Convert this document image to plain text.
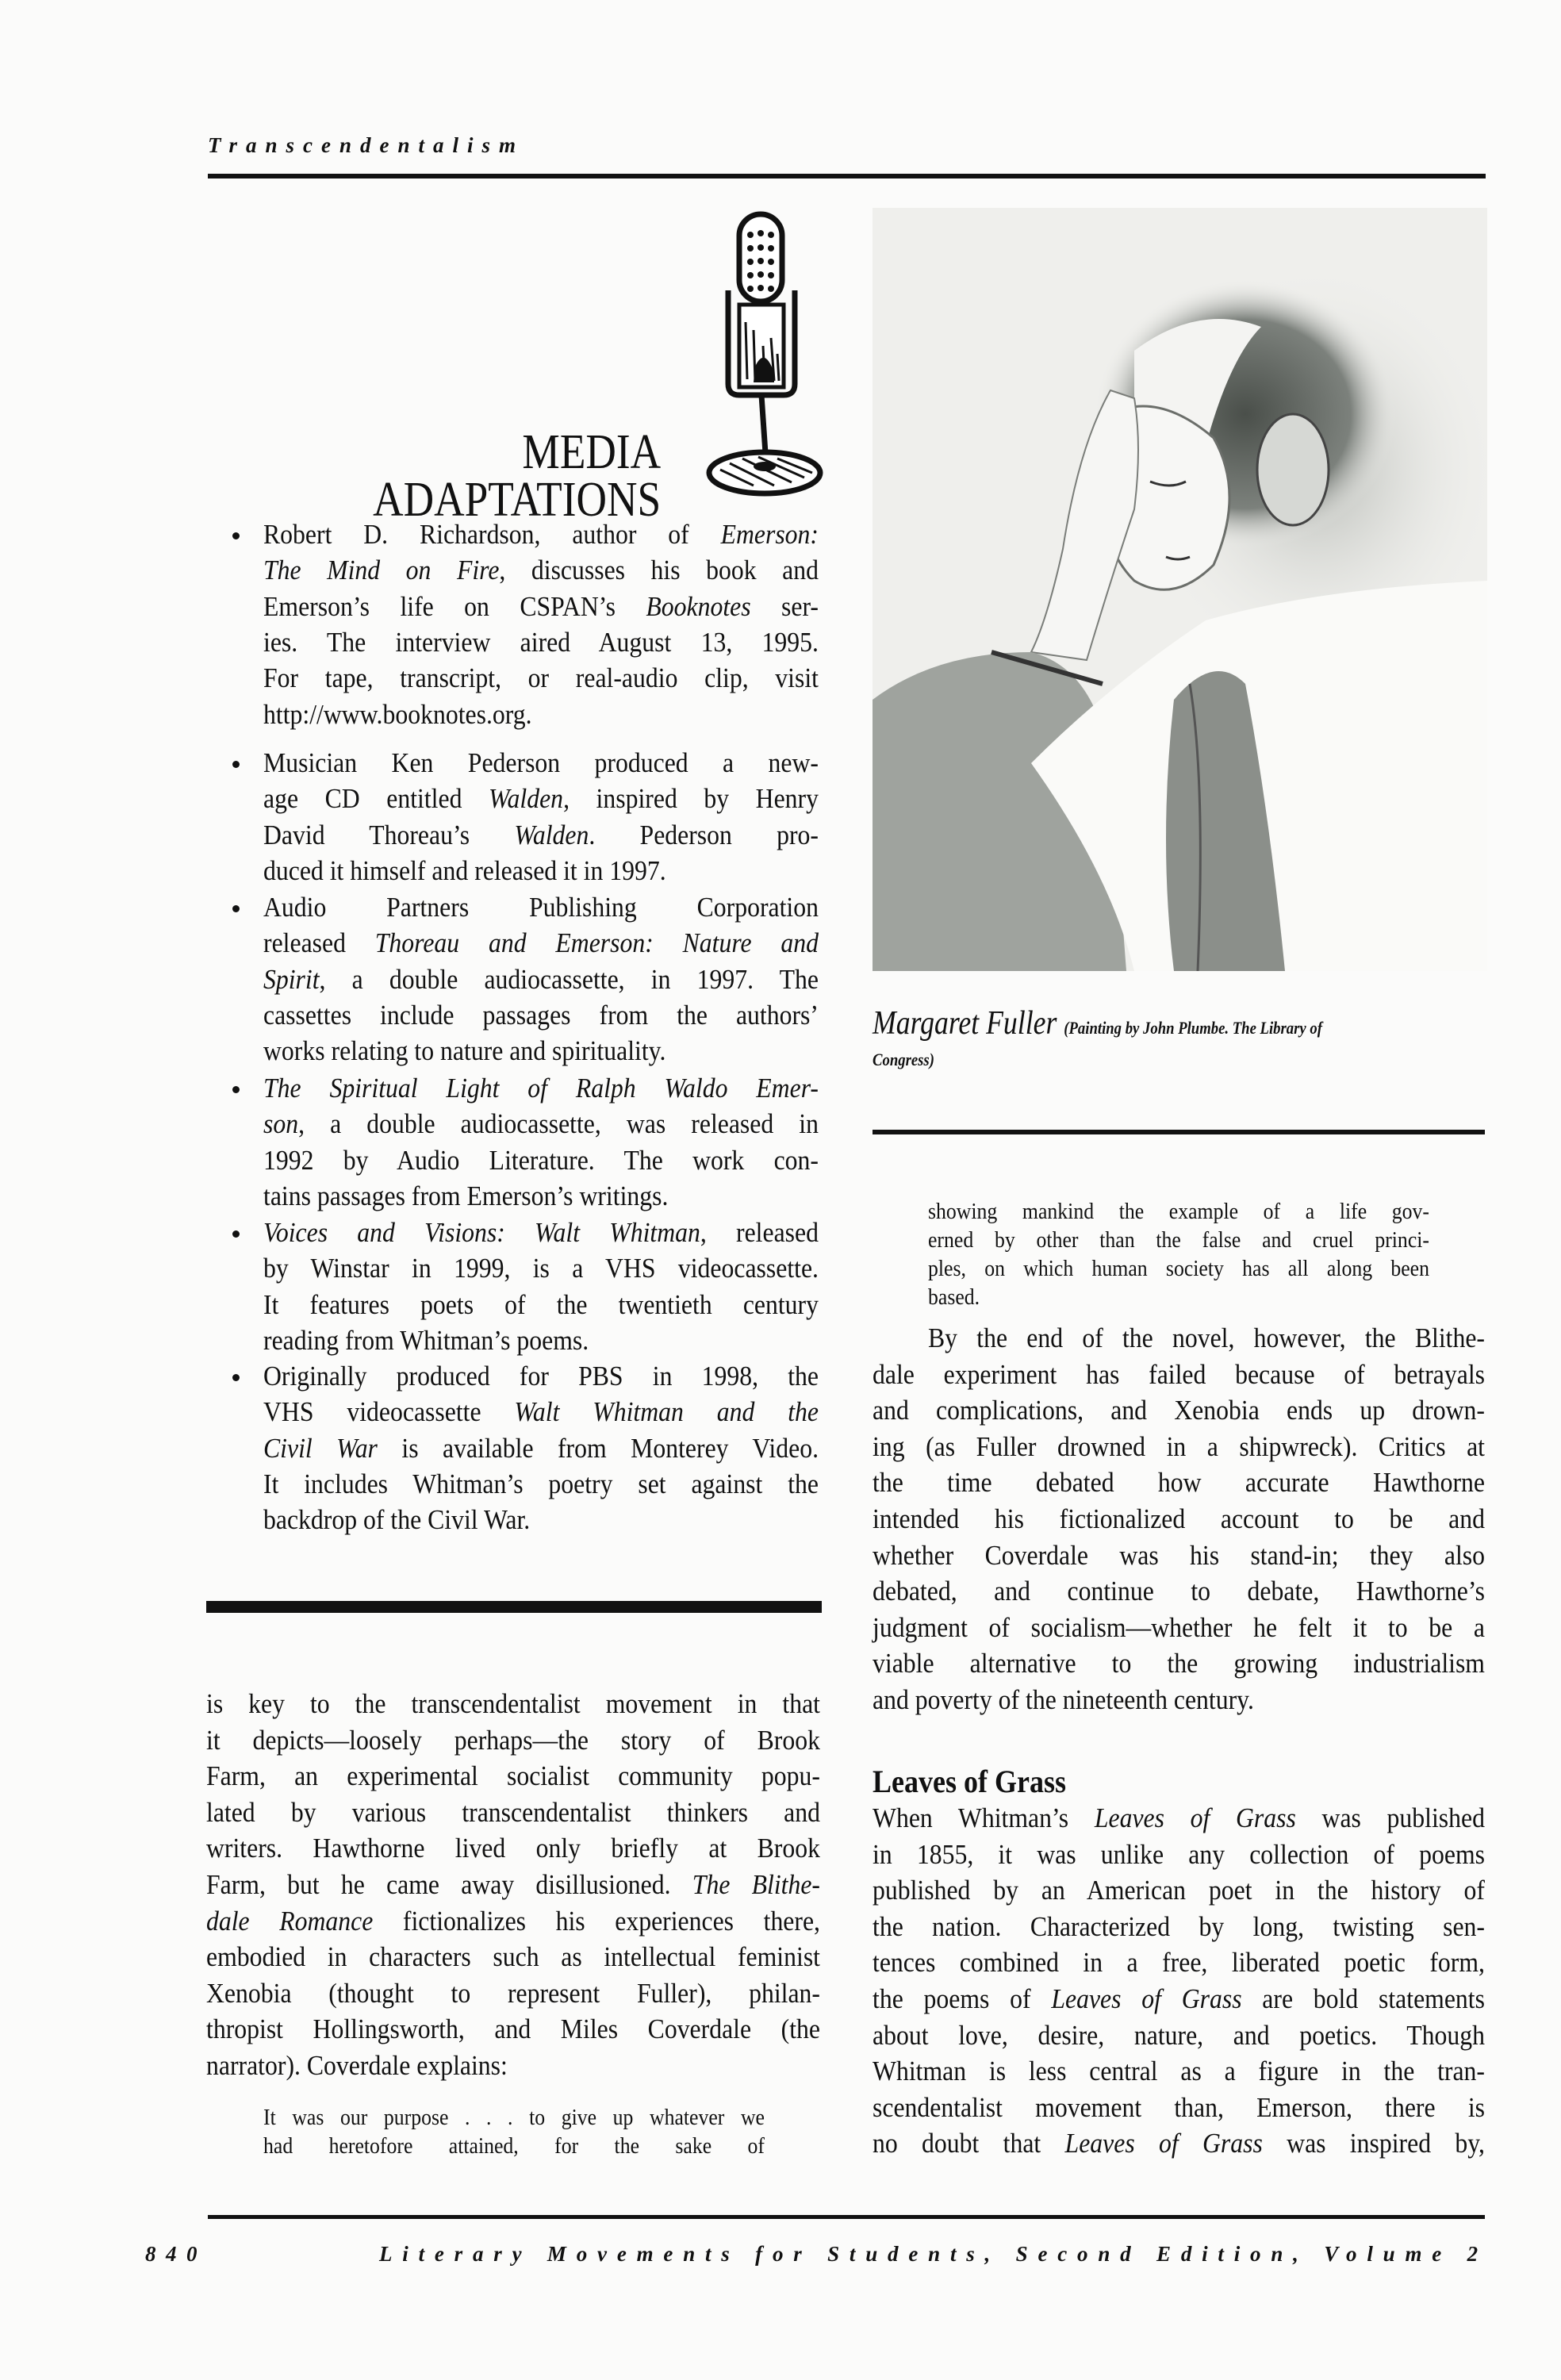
Transcendentalism
MEDIA
ADAPTATIONS
Robert D. Richardson, author of Emerson:
The Mind on Fire, discusses his book and
Emerson’s life on CSPAN’s Booknotes ser-
ies. The interview aired August 13, 1995.
For tape, transcript, or real-audio clip, visit
http://www.booknotes.org.
Musician Ken Pederson produced a new-
age CD entitled Walden, inspired by Henry
David Thoreau’s Walden. Pederson pro-
duced it himself and released it in 1997.
Audio Partners Publishing Corporation
released Thoreau and Emerson: Nature and
Spirit, a double audiocassette, in 1997. The
cassettes include passages from the authors’
works relating to nature and spirituality.
The Spiritual Light of Ralph Waldo Emer-
son, a double audiocassette, was released in
1992 by Audio Literature. The work con-
tains passages from Emerson’s writings.
Voices and Visions: Walt Whitman, released
by Winstar in 1999, is a VHS videocassette.
It features poets of the twentieth century
reading from Whitman’s poems.
Originally produced for PBS in 1998, the
VHS videocassette Walt Whitman and the
Civil War is available from Monterey Video.
It includes Whitman’s poetry set against the
backdrop of the Civil War.
is key to the transcendentalist movement in that
it depicts—loosely perhaps—the story of Brook
Farm, an experimental socialist community popu-
lated by various transcendentalist thinkers and
writers. Hawthorne lived only briefly at Brook
Farm, but he came away disillusioned. The Blithe-
dale Romance fictionalizes his experiences there,
embodied in characters such as intellectual feminist
Xenobia (thought to represent Fuller), philan-
thropist Hollingsworth, and Miles Coverdale (the
narrator). Coverdale explains:
It was our purpose . . . to give up whatever we
had heretofore attained, for the sake of
Margaret Fuller (Painting by John Plumbe. The Library of
Congress)
showing mankind the example of a life gov-
erned by other than the false and cruel princi-
ples, on which human society has all along been
based.
By the end of the novel, however, the Blithe-
dale experiment has failed because of betrayals
and complications, and Xenobia ends up drown-
ing (as Fuller drowned in a shipwreck). Critics at
the time debated how accurate Hawthorne
intended his fictionalized account to be and
whether Coverdale was his stand-in; they also
debated, and continue to debate, Hawthorne’s
judgment of socialism—whether he felt it to be a
viable alternative to the growing industrialism
and poverty of the nineteenth century.
When Whitman’s Leaves of Grass was published
in 1855, it was unlike any collection of poems
published by an American poet in the history of
the nation. Characterized by long, twisting sen-
tences combined in a free, liberated poetic form,
the poems of Leaves of Grass are bold statements
about love, desire, nature, and poetics. Though
Whitman is less central as a figure in the tran-
scendentalist movement than, Emerson, there is
no doubt that Leaves of Grass was inspired by,
Leaves of Grass
840	Literary Movements for Students, Second Edition, Volume 2
